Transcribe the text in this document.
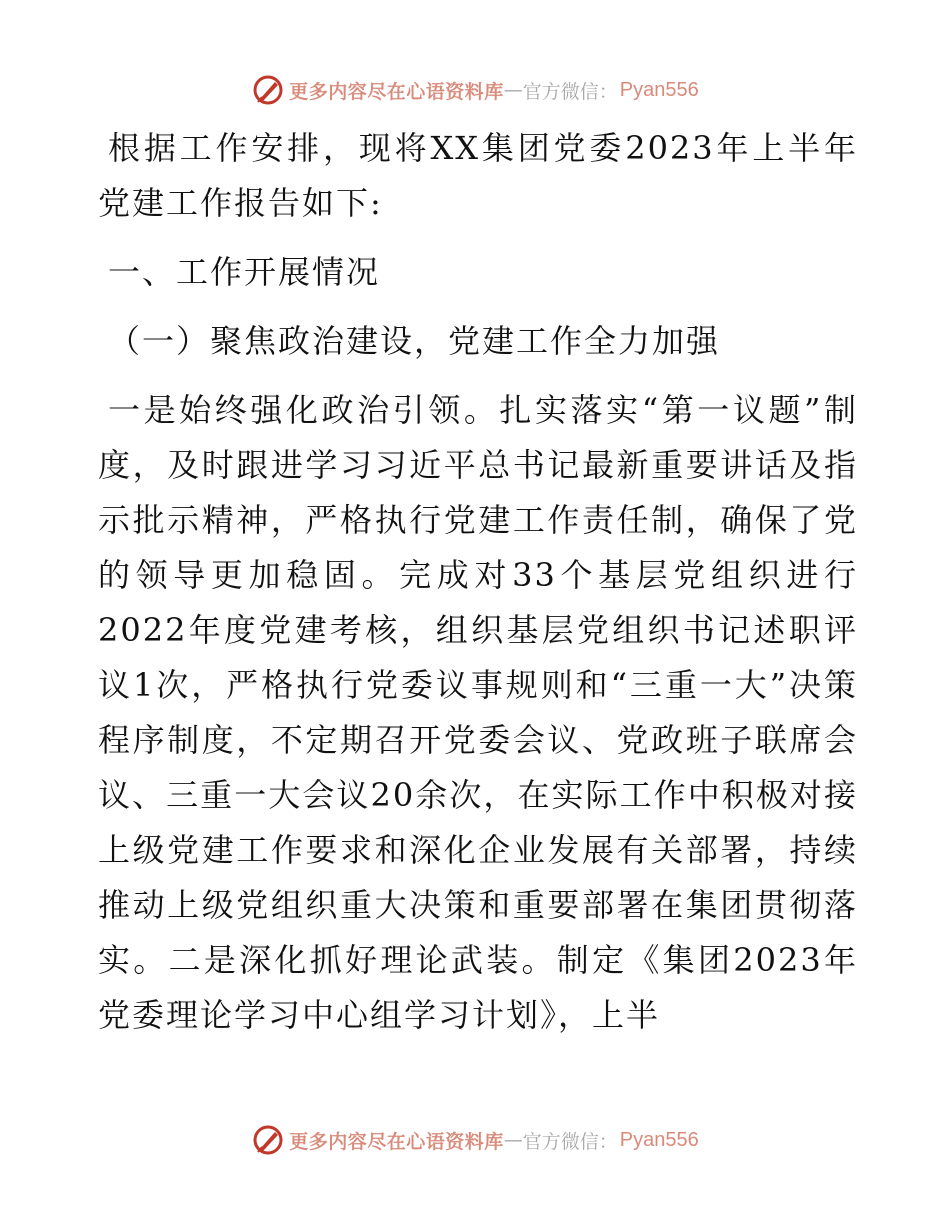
更多内容尽在心语资料库 — 官方微信： Pyan556

根据工作安排，现将XX集团党委2023年上半年党建工作报告如下:

一、工作开展情况

（一）聚焦政治建设，党建工作全力加强

一是始终强化政治引领。扎实落实“第一议题”制度，及时跟进学习习近平总书记最新重要讲话及指示批示精神，严格执行党建工作责任制，确保了党的领导更加稳固。完成对33个基层党组织进行2022年度党建考核，组织基层党组织书记述职评议1次，严格执行党委议事规则和“三重一大”决策程序制度，不定期召开党委会议、党政班子联席会议、三重一大会议20余次，在实际工作中积极对接上级党建工作要求和深化企业发展有关部署，持续推动上级党组织重大决策和重要部署在集团贯彻落实。二是深化抓好理论武装。制定《集团2023年党委理论学习中心组学习计划》，上半

更多内容尽在心语资料库 — 官方微信： Pyan556
